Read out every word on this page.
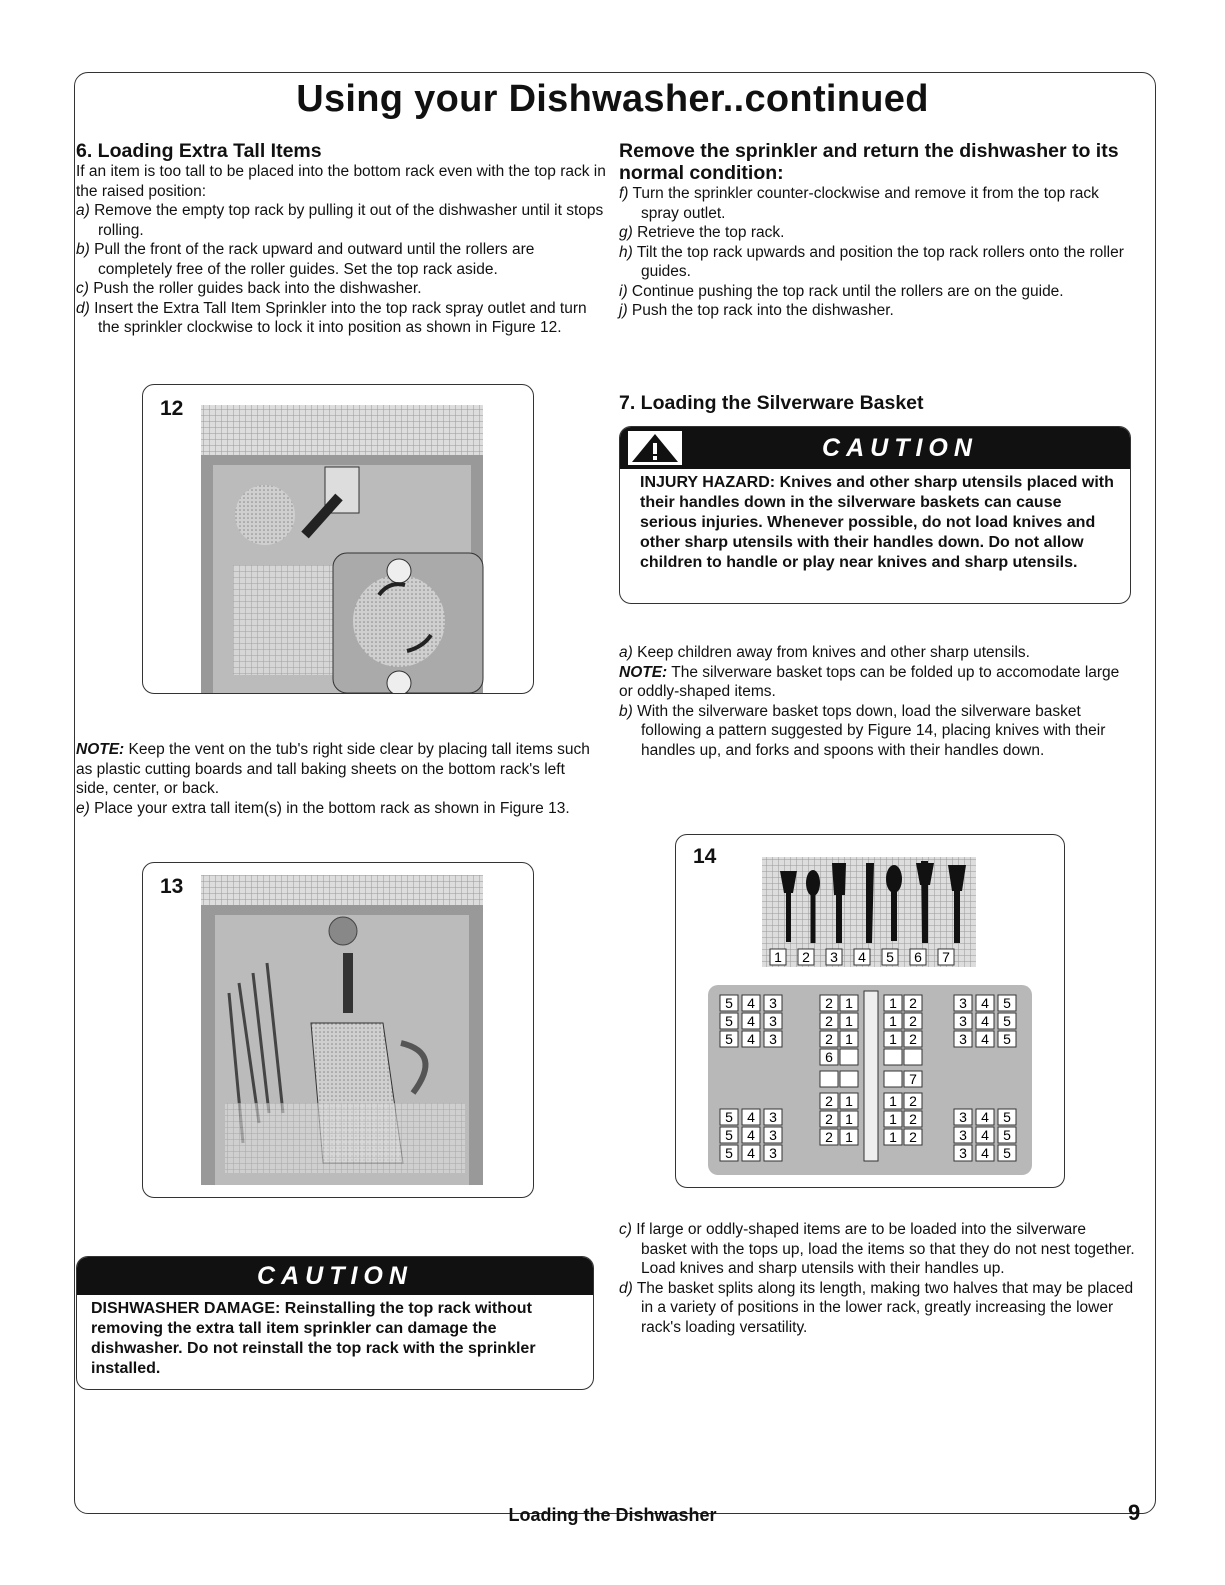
Using your Dishwasher..continued

6. Loading Extra Tall Items

If an item is too tall to be placed into the bottom rack even with the top rack in the raised position:

a) Remove the empty top rack by pulling it out of the dishwasher until it stops rolling.

b) Pull the front of the rack upward and outward until the rollers are completely free of the roller guides. Set the top rack aside.

c) Push the roller guides back into the dishwasher.

d) Insert the Extra Tall Item Sprinkler into the top rack spray outlet and turn the sprinkler clockwise to lock it into position as shown in Figure 12.

12

NOTE: Keep the vent on the tub's right side clear by placing tall items such as plastic cutting boards and tall baking sheets on the bottom rack's left side, center, or back.

e) Place your extra tall item(s) in the bottom rack as shown in Figure 13.

13
CAUTION
DISHWASHER DAMAGE: Reinstalling the top rack without removing the extra tall item sprinkler can damage the dishwasher. Do not reinstall the top rack with the sprinkler installed.

Remove the sprinkler and return the dishwasher to its normal condition:

f) Turn the sprinkler counter-clockwise and remove it from the top rack spray outlet.

g) Retrieve the top rack.

h) Tilt the top rack upwards and position the top rack rollers onto the roller guides.

i) Continue pushing the top rack until the rollers are on the guide.

j) Push the top rack into the dishwasher.

7. Loading the Silverware Basket
CAUTION
INJURY HAZARD: Knives and other sharp utensils placed with their handles down in the silverware baskets can cause serious injuries. Whenever possible, do not load knives and other sharp utensils with their handles down. Do not allow children to handle or play near knives and sharp utensils.

a) Keep children away from knives and other sharp utensils.

NOTE: The silverware basket tops can be folded up to accomodate large or oddly-shaped items.

b) With the silverware basket tops down, load the silverware basket following a pattern suggested by Figure 14, placing knives with their handles up, and forks and spoons with their handles down.

14
1 2 3 4 5 6 7
5 4 3	3 4 5
2 1	1 2
5 4 3	3 4 5
2 1	1 2
5 4 3	3 4 5
2 1	1 2
6
7
5 4 3	3 4 5
2 1	1 2
5 4 3	3 4 5
2 1	1 2
5 4 3	3 4 5
2 1	1 2

c) If large or oddly-shaped items are to be loaded into the silverware basket with the tops up, load the items so that they do not nest together. Load knives and sharp utensils with their handles up.

d) The basket splits along its length, making two halves that may be placed in a variety of positions in the lower rack, greatly increasing the lower rack's loading versatility.

Loading the Dishwasher	9
